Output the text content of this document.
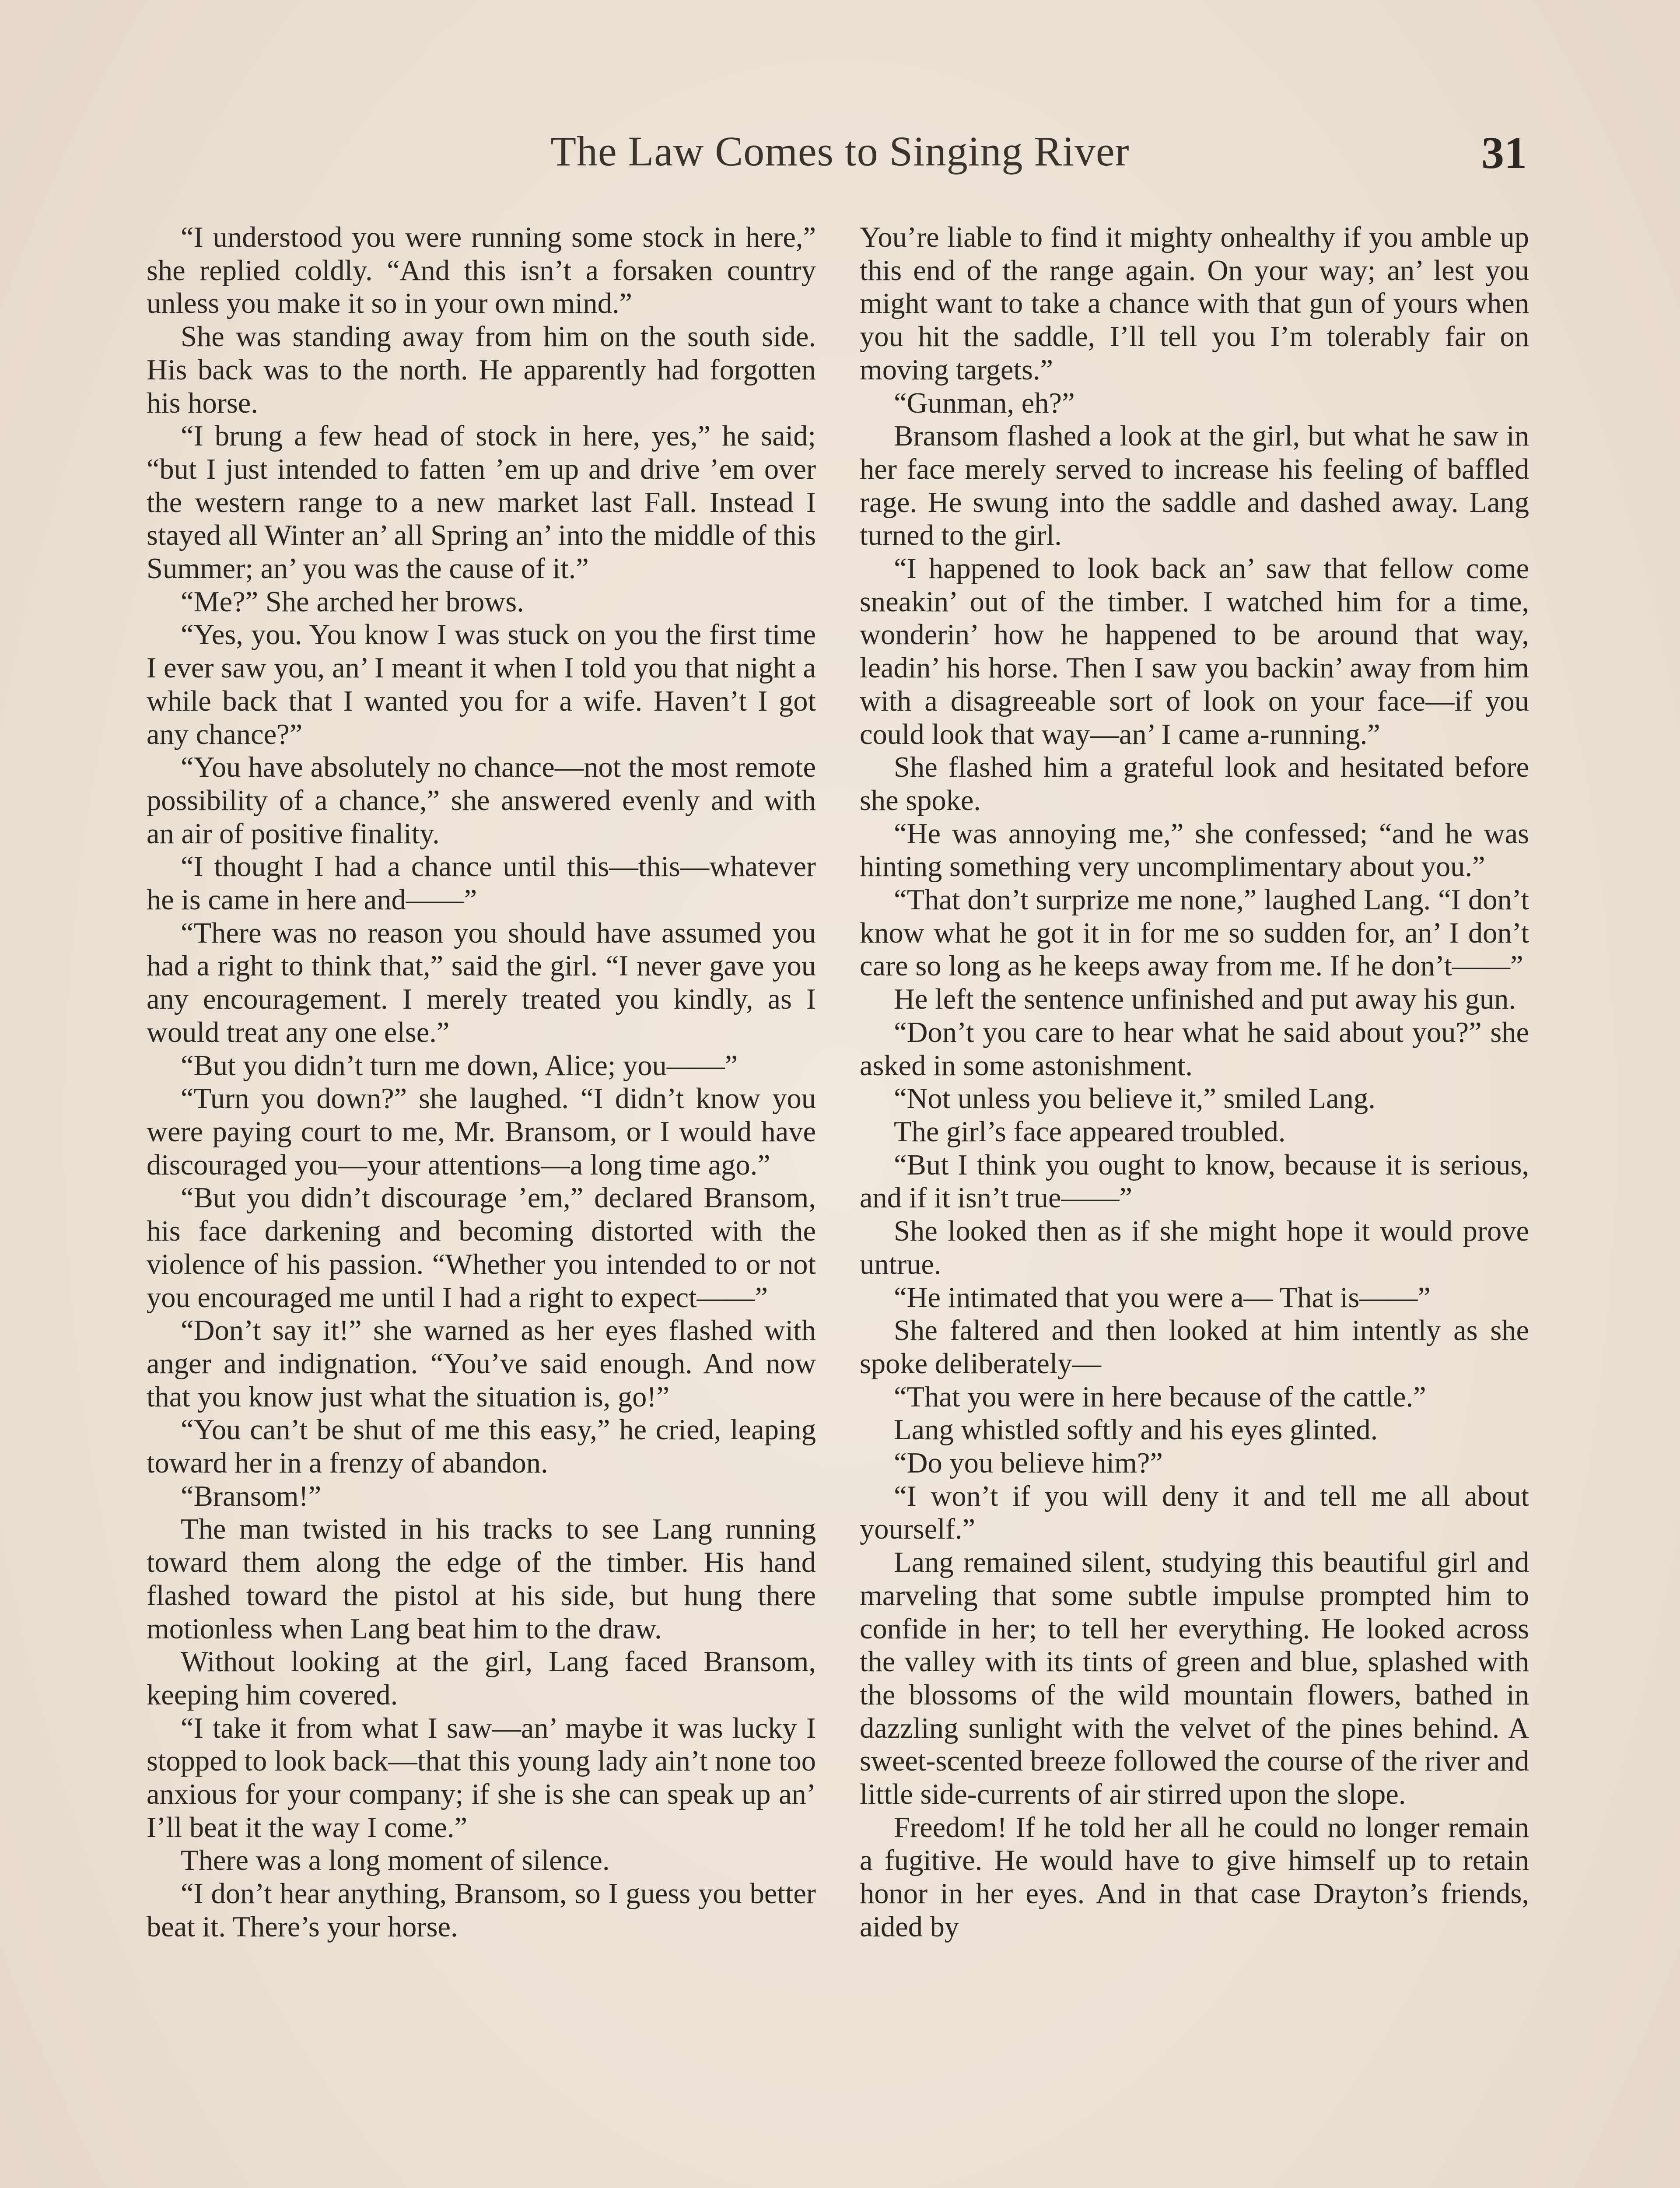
The Law Comes to Singing River	31

“I understood you were running some stock in here,” she replied coldly. “And this isn’t a forsaken country unless you make it so in your own mind.”

She was standing away from him on the south side. His back was to the north. He apparently had forgotten his horse.

“I brung a few head of stock in here, yes,” he said; “but I just intended to fatten ’em up and drive ’em over the western range to a new market last Fall. Instead I stayed all Winter an’ all Spring an’ into the middle of this Summer; an’ you was the cause of it.”

“Me?” She arched her brows.

“Yes, you. You know I was stuck on you the first time I ever saw you, an’ I meant it when I told you that night a while back that I wanted you for a wife. Haven’t I got any chance?”

“You have absolutely no chance—not the most remote possibility of a chance,” she answered evenly and with an air of positive finality.

“I thought I had a chance until this—this—whatever he is came in here and——”

“There was no reason you should have assumed you had a right to think that,” said the girl. “I never gave you any encouragement. I merely treated you kindly, as I would treat any one else.”

“But you didn’t turn me down, Alice; you——”

“Turn you down?” she laughed. “I didn’t know you were paying court to me, Mr. Bransom, or I would have discouraged you—your attentions—a long time ago.”

“But you didn’t discourage ’em,” declared Bransom, his face darkening and becoming distorted with the violence of his passion. “Whether you intended to or not you encouraged me until I had a right to expect——”

“Don’t say it!” she warned as her eyes flashed with anger and indignation. “You’ve said enough. And now that you know just what the situation is, go!”

“You can’t be shut of me this easy,” he cried, leaping toward her in a frenzy of abandon.

“Bransom!”

The man twisted in his tracks to see Lang running toward them along the edge of the timber. His hand flashed toward the pistol at his side, but hung there motionless when Lang beat him to the draw.

Without looking at the girl, Lang faced Bransom, keeping him covered.

“I take it from what I saw—an’ maybe it was lucky I stopped to look back—that this young lady ain’t none too anxious for your company; if she is she can speak up an’ I’ll beat it the way I come.”

There was a long moment of silence.

“I don’t hear anything, Bransom, so I guess you better beat it. There’s your horse.

You’re liable to find it mighty onhealthy if you amble up this end of the range again. On your way; an’ lest you might want to take a chance with that gun of yours when you hit the saddle, I’ll tell you I’m tolerably fair on moving targets.”

“Gunman, eh?”

Bransom flashed a look at the girl, but what he saw in her face merely served to increase his feeling of baffled rage. He swung into the saddle and dashed away. Lang turned to the girl.

“I happened to look back an’ saw that fellow come sneakin’ out of the timber. I watched him for a time, wonderin’ how he happened to be around that way, leadin’ his horse. Then I saw you backin’ away from him with a disagreeable sort of look on your face—if you could look that way—an’ I came a-running.”

She flashed him a grateful look and hesitated before she spoke.

“He was annoying me,” she confessed; “and he was hinting something very uncomplimentary about you.”

“That don’t surprize me none,” laughed Lang. “I don’t know what he got it in for me so sudden for, an’ I don’t care so long as he keeps away from me. If he don’t——”

He left the sentence unfinished and put away his gun.

“Don’t you care to hear what he said about you?” she asked in some astonishment.

“Not unless you believe it,” smiled Lang.

The girl’s face appeared troubled.

“But I think you ought to know, because it is serious, and if it isn’t true——”

She looked then as if she might hope it would prove untrue.

“He intimated that you were a— That is——”

She faltered and then looked at him intently as she spoke deliberately—

“That you were in here because of the cattle.”

Lang whistled softly and his eyes glinted.

“Do you believe him?”

“I won’t if you will deny it and tell me all about yourself.”

Lang remained silent, studying this beautiful girl and marveling that some subtle impulse prompted him to confide in her; to tell her everything. He looked across the valley with its tints of green and blue, splashed with the blossoms of the wild mountain flowers, bathed in dazzling sunlight with the velvet of the pines behind. A sweet-scented breeze followed the course of the river and little side-currents of air stirred upon the slope.

Freedom! If he told her all he could no longer remain a fugitive. He would have to give himself up to retain honor in her eyes. And in that case Drayton’s friends, aided by
